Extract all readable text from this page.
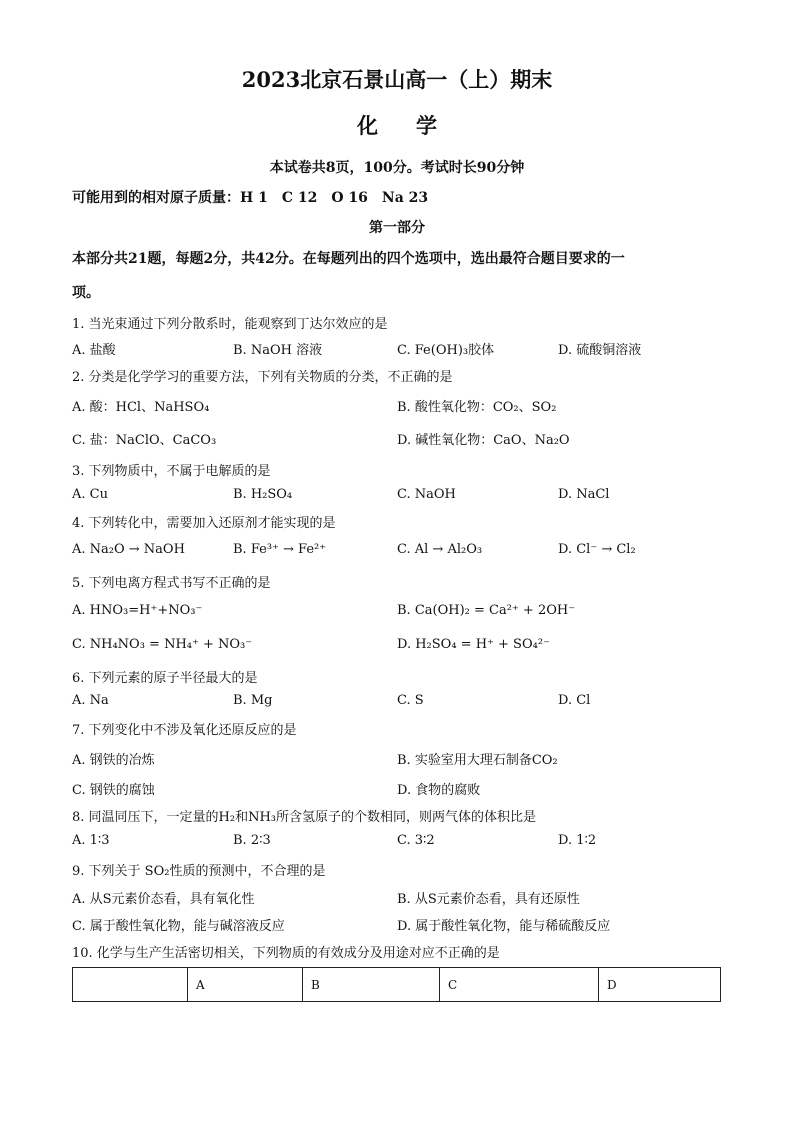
2023北京石景山高一（上）期末
化学
本试卷共8页，100分。考试时长90分钟
可能用到的相对原子质量：H 1　C 12　O 16　Na 23
第一部分
本部分共21题，每题2分，共42分。在每题列出的四个选项中，选出最符合题目要求的一
项。
1. 当光束通过下列分散系时，能观察到丁达尔效应的是
A. 盐酸	B. NaOH 溶液	C. Fe(OH)₃胶体	D. 硫酸铜溶液
2. 分类是化学学习的重要方法，下列有关物质的分类，不正确的是
A. 酸：HCl、NaHSO₄	B. 酸性氧化物：CO₂、SO₂
C. 盐：NaClO、CaCO₃	D. 碱性氧化物：CaO、Na₂O
3. 下列物质中，不属于电解质的是
A. Cu	B. H₂SO₄	C. NaOH	D. NaCl
4. 下列转化中，需要加入还原剂才能实现的是
A. Na₂O → NaOH	B. Fe³⁺ → Fe²⁺	C. Al → Al₂O₃	D. Cl⁻ → Cl₂
5. 下列电离方程式书写不正确的是
A. HNO₃=H⁺+NO₃⁻	B. Ca(OH)₂ = Ca²⁺ + 2OH⁻
C. NH₄NO₃ = NH₄⁺ + NO₃⁻	D. H₂SO₄ = H⁺ + SO₄²⁻
6. 下列元素的原子半径最大的是
A. Na	B. Mg	C. S	D. Cl
7. 下列变化中不涉及氧化还原反应的是
A. 钢铁的冶炼	B. 实验室用大理石制备CO₂
C. 钢铁的腐蚀	D. 食物的腐败
8. 同温同压下，一定量的H₂和NH₃所含氢原子的个数相同，则两气体的体积比是
A. 1∶3	B. 2∶3	C. 3∶2	D. 1∶2
9. 下列关于 SO₂性质的预测中，不合理的是
A. 从S元素价态看，具有氧化性	B. 从S元素价态看，具有还原性
C. 属于酸性氧化物，能与碱溶液反应	D. 属于酸性氧化物，能与稀硫酸反应
10. 化学与生产生活密切相关，下列物质的有效成分及用途对应不正确的是
	A	B	C	D
